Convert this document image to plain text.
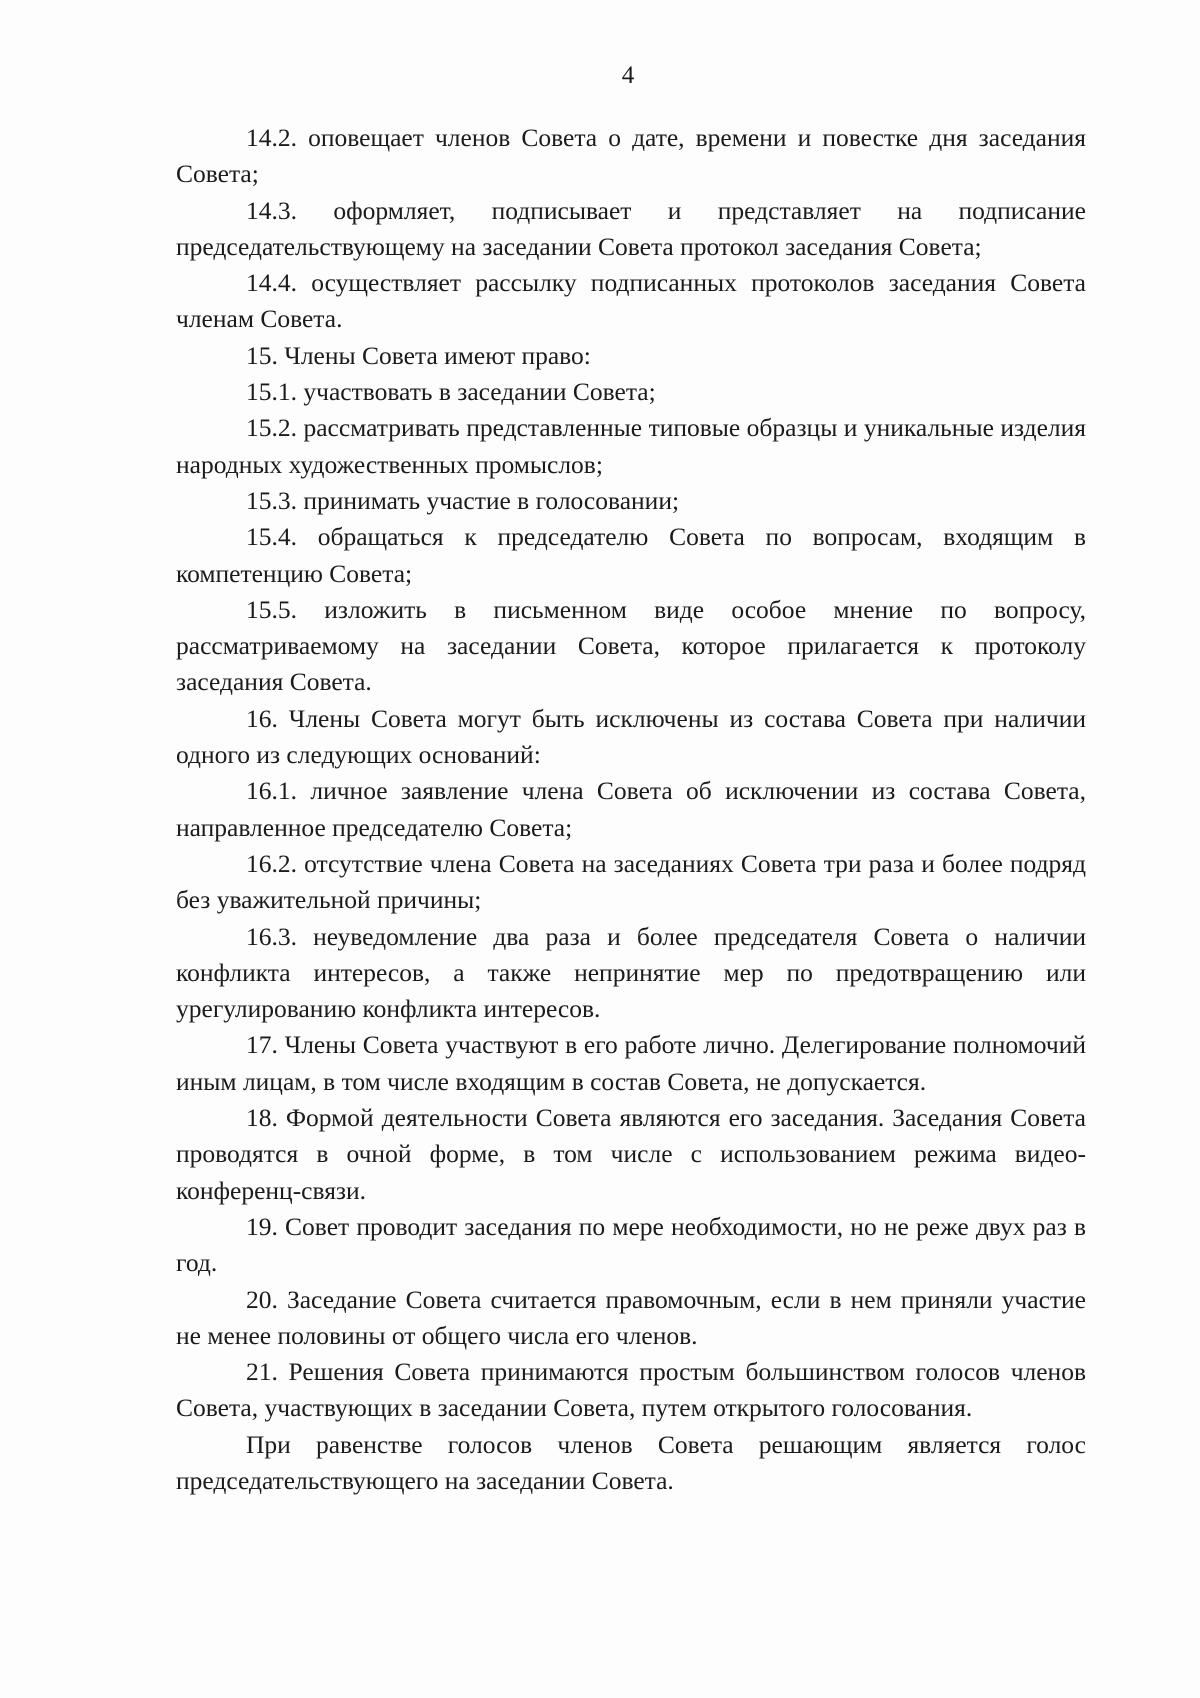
4

14.2. оповещает членов Совета о дате, времени и повестке дня заседания Совета;

14.3. оформляет, подписывает и представляет на подписание председательствующему на заседании Совета протокол заседания Совета;

14.4. осуществляет рассылку подписанных протоколов заседания Совета членам Совета.

15. Члены Совета имеют право:

15.1. участвовать в заседании Совета;

15.2. рассматривать представленные типовые образцы и уникальные изделия народных художественных промыслов;

15.3. принимать участие в голосовании;

15.4. обращаться к председателю Совета по вопросам, входящим в компетенцию Совета;

15.5. изложить в письменном виде особое мнение по вопросу, рассматриваемому на заседании Совета, которое прилагается к протоколу заседания Совета.

16. Члены Совета могут быть исключены из состава Совета при наличии одного из следующих оснований:

16.1. личное заявление члена Совета об исключении из состава Совета, направленное председателю Совета;

16.2. отсутствие члена Совета на заседаниях Совета три раза и более подряд без уважительной причины;

16.3. неуведомление два раза и более председателя Совета о наличии конфликта интересов, а также непринятие мер по предотвращению или урегулированию конфликта интересов.

17. Члены Совета участвуют в его работе лично. Делегирование полномочий иным лицам, в том числе входящим в состав Совета, не допускается.

18. Формой деятельности Совета являются его заседания. Заседания Совета проводятся в очной форме, в том числе с использованием режима видео-конференц-связи.

19. Совет проводит заседания по мере необходимости, но не реже двух раз в год.

20. Заседание Совета считается правомочным, если в нем приняли участие не менее половины от общего числа его членов.

21. Решения Совета принимаются простым большинством голосов членов Совета, участвующих в заседании Совета, путем открытого голосования.

При равенстве голосов членов Совета решающим является голос председательствующего на заседании Совета.
